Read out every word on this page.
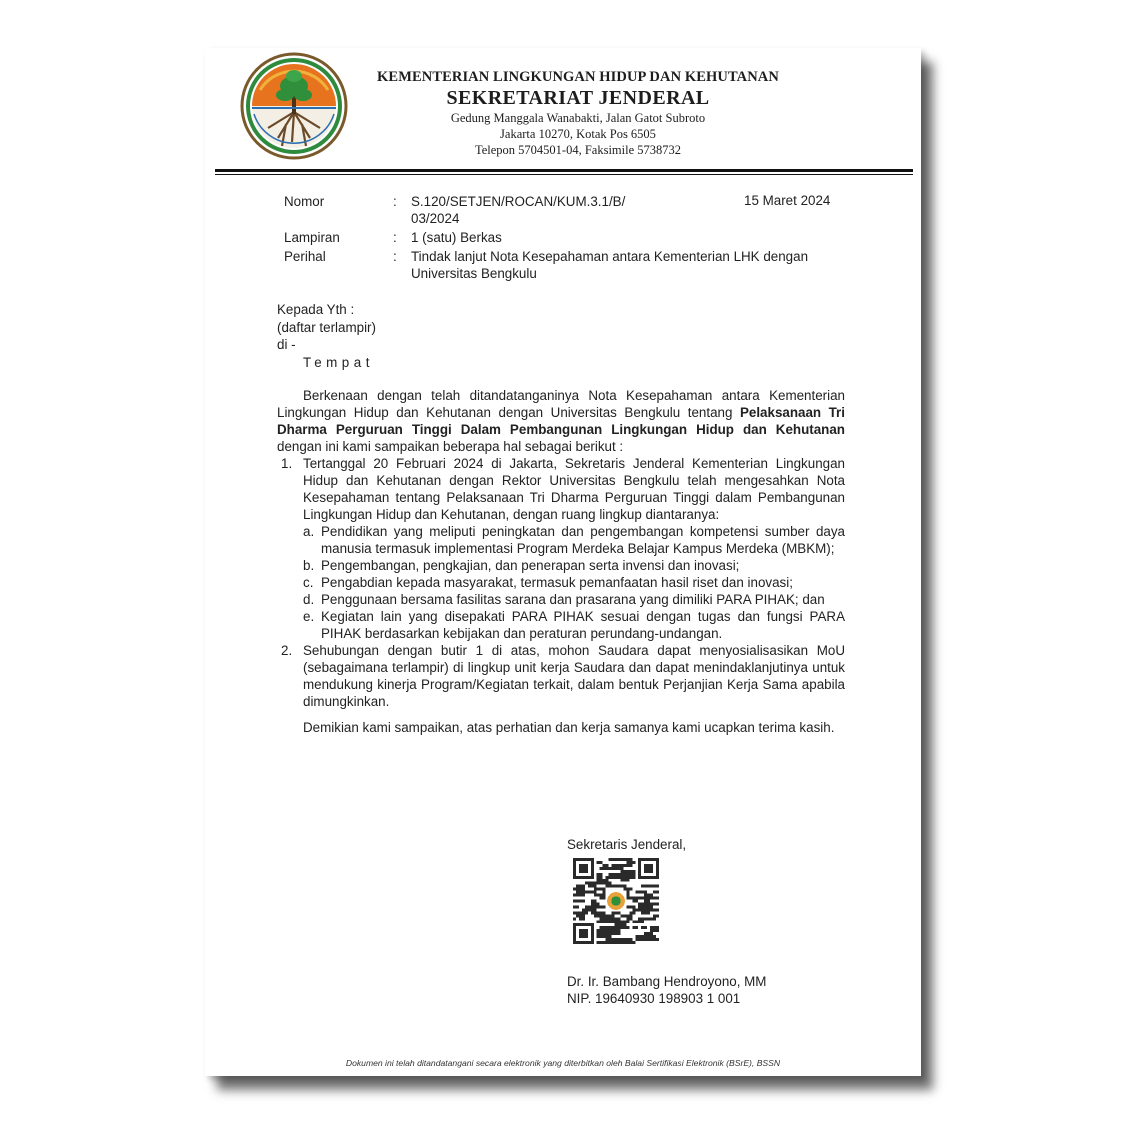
KEMENTERIAN LINGKUNGAN HIDUP DAN KEHUTANAN
SEKRETARIAT JENDERAL
Gedung Manggala Wanabakti, Jalan Gatot Subroto
Jakarta 10270, Kotak Pos 6505
Telepon 5704501-04, Faksimile 5738732
Nomor	:	S.120/SETJEN/ROCAN/KUM.3.1/B/
03/2024
Lampiran	:	1 (satu) Berkas
Perihal	:	Tindak lanjut Nota Kesepahaman antara Kementerian LHK dengan
Universitas Bengkulu
15 Maret 2024
Kepada Yth :
(daftar terlampir)
di -
Tempat

Berkenaan dengan telah ditandatanganinya Nota Kesepahaman antara Kementerian Lingkungan Hidup dan Kehutanan dengan Universitas Bengkulu tentang Pelaksanaan Tri Dharma Perguruan Tinggi Dalam Pembangunan Lingkungan Hidup dan Kehutanan dengan ini kami sampaikan beberapa hal sebagai berikut :

1. Tertanggal 20 Februari 2024 di Jakarta, Sekretaris Jenderal Kementerian Lingkungan Hidup dan Kehutanan dengan Rektor Universitas Bengkulu telah mengesahkan Nota Kesepahaman tentang Pelaksanaan Tri Dharma Perguruan Tinggi dalam Pembangunan Lingkungan Hidup dan Kehutanan, dengan ruang lingkup diantaranya:
a. Pendidikan yang meliputi peningkatan dan pengembangan kompetensi sumber daya manusia termasuk implementasi Program Merdeka Belajar Kampus Merdeka (MBKM);
b. Pengembangan, pengkajian, dan penerapan serta invensi dan inovasi;
c. Pengabdian kepada masyarakat, termasuk pemanfaatan hasil riset dan inovasi;
d. Penggunaan bersama fasilitas sarana dan prasarana yang dimiliki PARA PIHAK; dan
e. Kegiatan lain yang disepakati PARA PIHAK sesuai dengan tugas dan fungsi PARA PIHAK berdasarkan kebijakan dan peraturan perundang-undangan.
2. Sehubungan dengan butir 1 di atas, mohon Saudara dapat menyosialisasikan MoU (sebagaimana terlampir) di lingkup unit kerja Saudara dan dapat menindaklanjutinya untuk mendukung kinerja Program/Kegiatan terkait, dalam bentuk Perjanjian Kerja Sama apabila dimungkinkan.

Demikian kami sampaikan, atas perhatian dan kerja samanya kami ucapkan terima kasih.

Sekretaris Jenderal,
Dr. Ir. Bambang Hendroyono, MM
NIP. 19640930 198903 1 001
Dokumen ini telah ditandatangani secara elektronik yang diterbitkan oleh Balai Sertifikasi Elektronik (BSrE), BSSN
